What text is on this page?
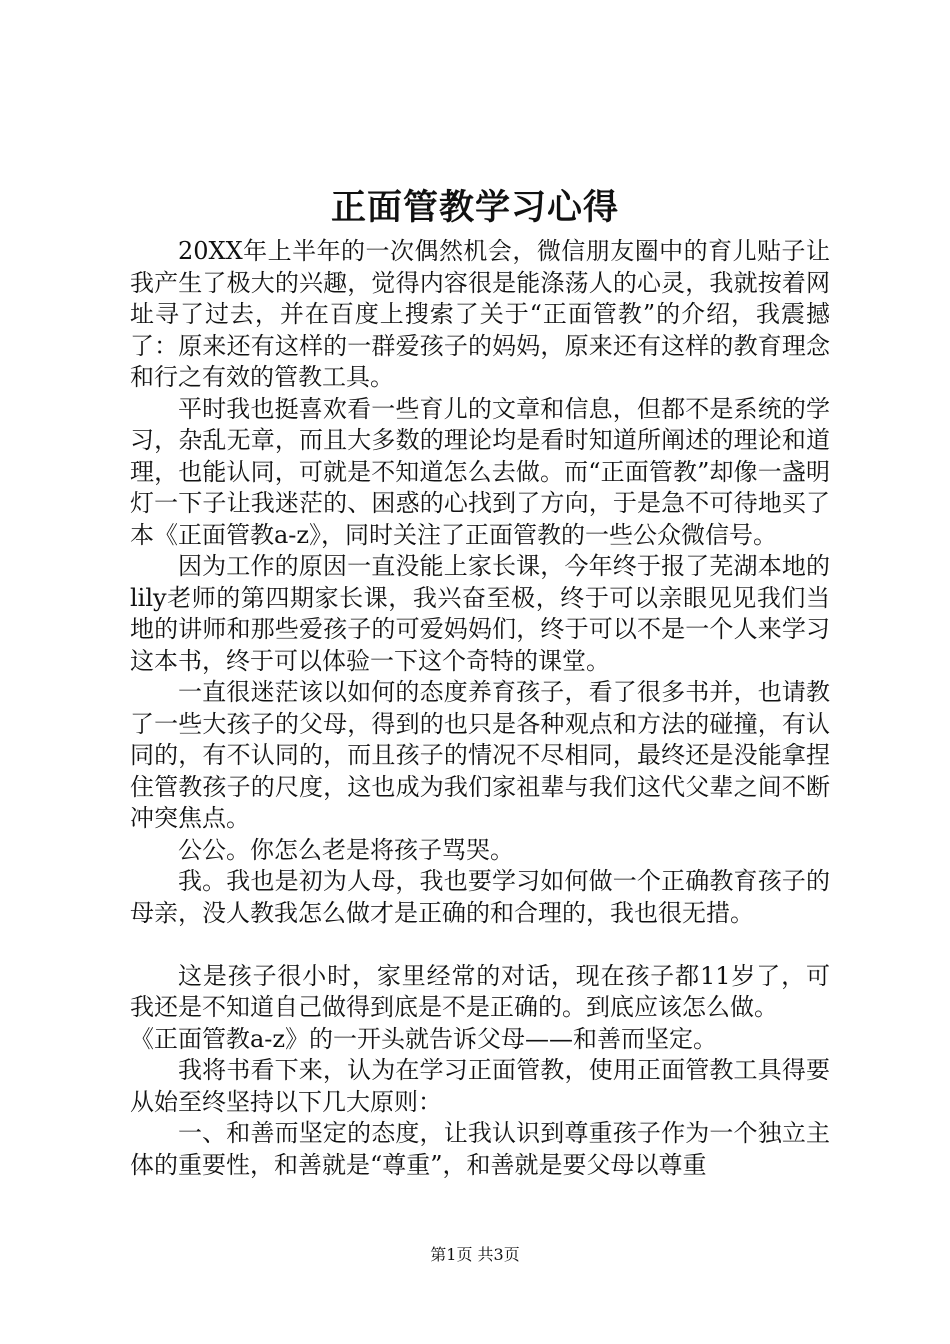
正面管教学习心得

20XX年上半年的一次偶然机会，微信朋友圈中的育儿贴子让我产生了极大的兴趣，觉得内容很是能涤荡人的心灵，我就按着网址寻了过去，并在百度上搜索了关于“正面管教”的介绍，我震撼了：原来还有这样的一群爱孩子的妈妈，原来还有这样的教育理念和行之有效的管教工具。

平时我也挺喜欢看一些育儿的文章和信息，但都不是系统的学习，杂乱无章，而且大多数的理论均是看时知道所阐述的理论和道理，也能认同，可就是不知道怎么去做。而“正面管教”却像一盏明灯一下子让我迷茫的、困惑的心找到了方向，于是急不可待地买了本《正面管教a-z》，同时关注了正面管教的一些公众微信号。

因为工作的原因一直没能上家长课，今年终于报了芜湖本地的lily老师的第四期家长课，我兴奋至极，终于可以亲眼见见我们当地的讲师和那些爱孩子的可爱妈妈们，终于可以不是一个人来学习这本书，终于可以体验一下这个奇特的课堂。

一直很迷茫该以如何的态度养育孩子，看了很多书并，也请教了一些大孩子的父母，得到的也只是各种观点和方法的碰撞，有认同的，有不认同的，而且孩子的情况不尽相同，最终还是没能拿捏住管教孩子的尺度，这也成为我们家祖辈与我们这代父辈之间不断冲突焦点。

公公。你怎么老是将孩子骂哭。

我。我也是初为人母，我也要学习如何做一个正确教育孩子的母亲，没人教我怎么做才是正确的和合理的，我也很无措。

这是孩子很小时，家里经常的对话，现在孩子都11岁了，可我还是不知道自己做得到底是不是正确的。到底应该怎么做。

《正面管教a-z》的一开头就告诉父母——和善而坚定。

我将书看下来，认为在学习正面管教，使用正面管教工具得要从始至终坚持以下几大原则：

一、和善而坚定的态度，让我认识到尊重孩子作为一个独立主体的重要性，和善就是“尊重”，和善就是要父母以尊重

第1页 共3页
